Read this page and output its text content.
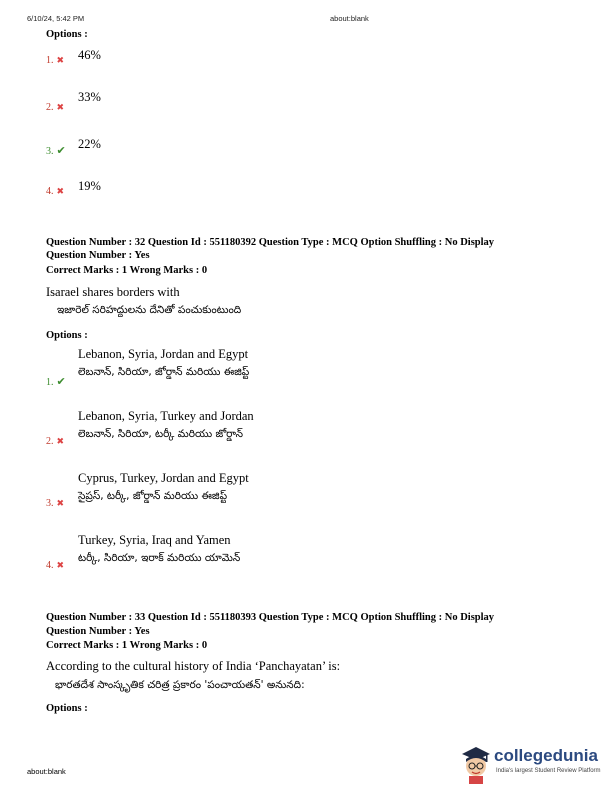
6/10/24, 5:42 PM	about:blank
Options :
1. ✖ 46%
2. ✖
33%
3. ✔ 22%
4. ✖ 19%
Question Number : 32 Question Id : 551180392 Question Type : MCQ Option Shuffling : No Display
Question Number : Yes
Correct Marks : 1 Wrong Marks : 0
Isarael shares borders with
ఇజారెల్ సరిహద్దులను దేనితో పంచుకుంటుంది
Options :
Lebanon, Syria, Jordan and Egypt
లెబనాన్, సిరియా, జోర్డాన్ మరియు ఈజిప్ట్
1. ✔
Lebanon, Syria, Turkey and Jordan
లెబనాన్, సిరియా, టర్కీ మరియు జోర్డాన్
2. ✖
Cyprus, Turkey, Jordan and Egypt
సైప్రస్, టర్కీ, జోర్డాన్ మరియు ఈజిప్ట్
3. ✖
Turkey, Syria, Iraq and Yamen
టర్కీ, సిరియా, ఇరాక్ మరియు యామెన్
4. ✖
Question Number : 33 Question Id : 551180393 Question Type : MCQ Option Shuffling : No Display
Question Number : Yes
Correct Marks : 1 Wrong Marks : 0
According to the cultural history of India ‘Panchayatan’ is:
భారతదేశ సాంస్కృతిక చరిత్ర ప్రకారం 'పంచాయతన్' అనునది:
Options :
about:blank
collegedunia
India's largest Student Review Platform
